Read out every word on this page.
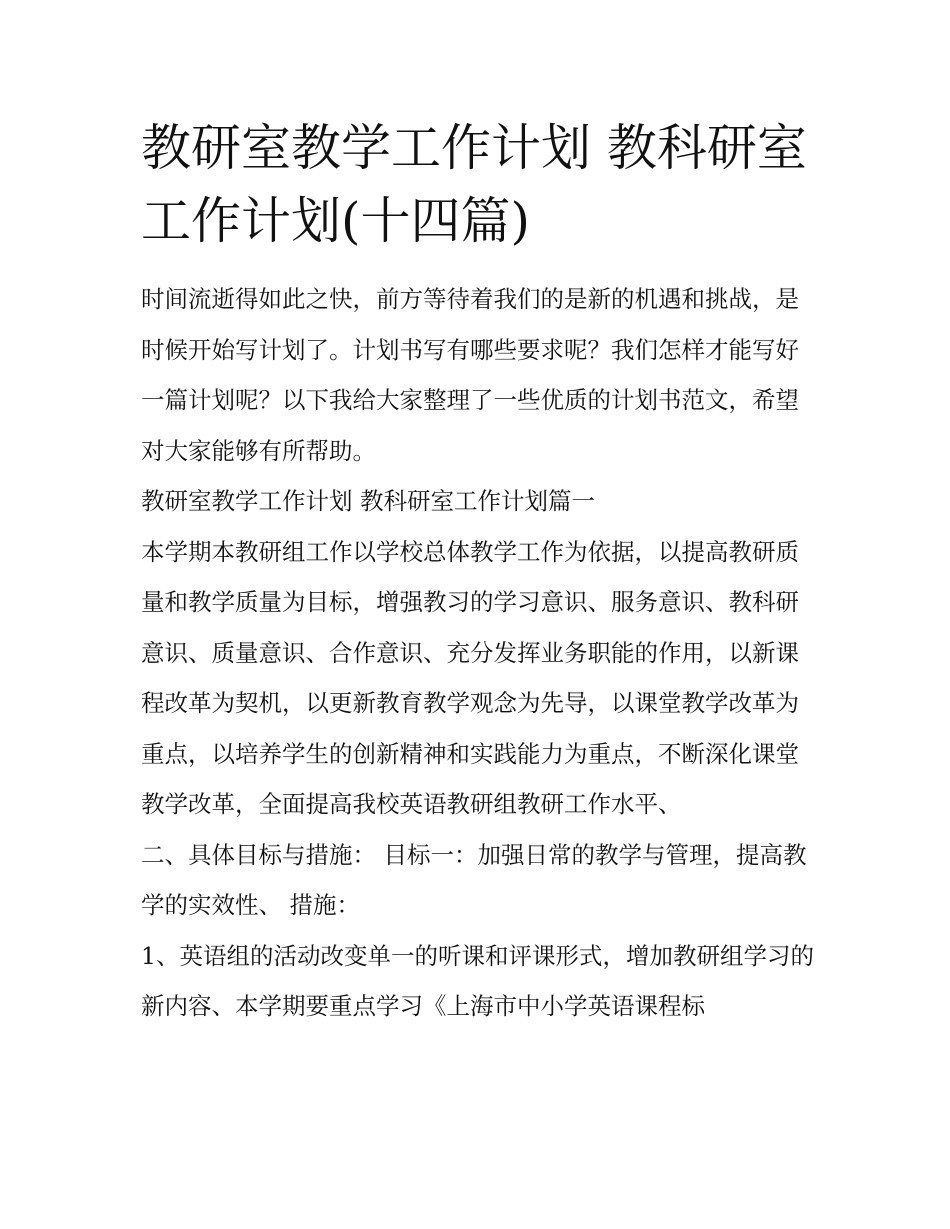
教研室教学工作计划 教科研室工作计划(十四篇)

时间流逝得如此之快，前方等待着我们的是新的机遇和挑战，是时候开始写计划了。计划书写有哪些要求呢？我们怎样才能写好一篇计划呢？以下我给大家整理了一些优质的计划书范文，希望对大家能够有所帮助。

教研室教学工作计划 教科研室工作计划篇一

本学期本教研组工作以学校总体教学工作为依据，以提高教研质量和教学质量为目标，增强教习的学习意识、服务意识、教科研意识、质量意识、合作意识、充分发挥业务职能的作用，以新课程改革为契机，以更新教育教学观念为先导，以课堂教学改革为重点，以培养学生的创新精神和实践能力为重点，不断深化课堂教学改革，全面提高我校英语教研组教研工作水平、

二、具体目标与措施： 目标一：加强日常的教学与管理，提高教学的实效性、 措施：

1、英语组的活动改变单一的听课和评课形式，增加教研组学习的新内容、本学期要重点学习《上海市中小学英语课程标
